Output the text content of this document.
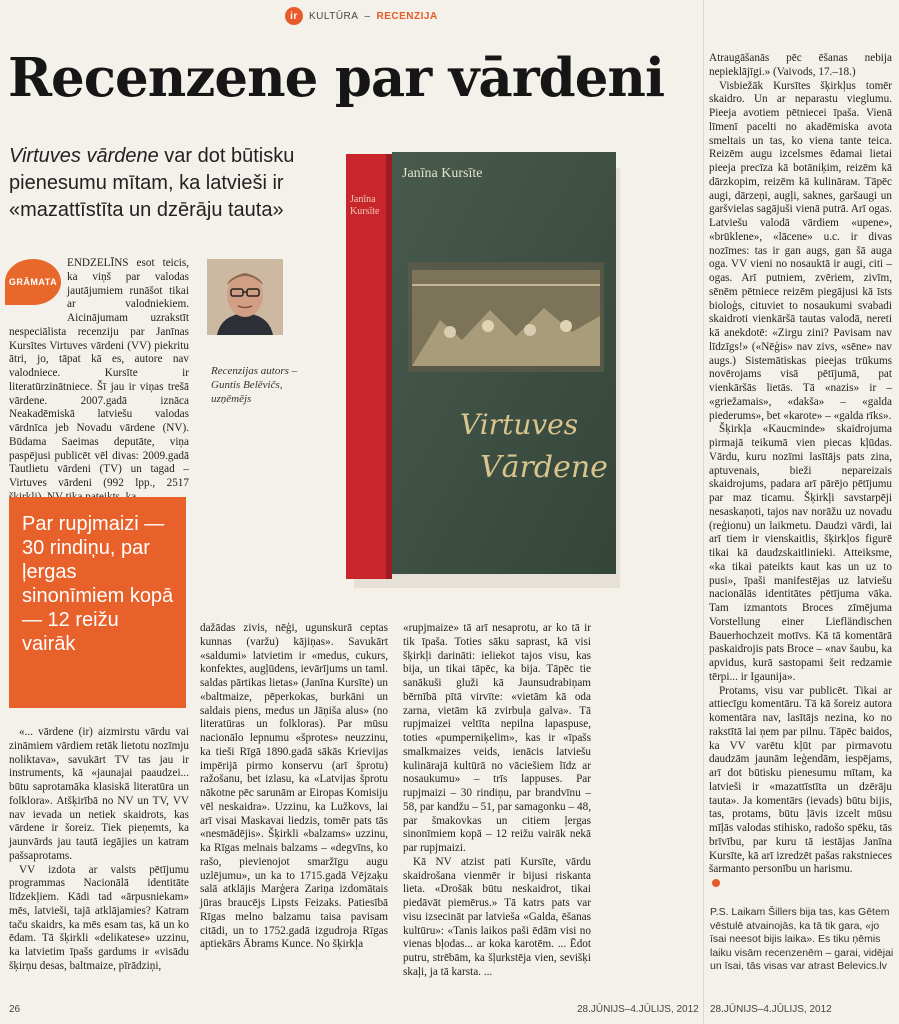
ir	KULTŪRA – RECENZIJA
Recenzene par vārdeni
Virtuves vārdene var dot būtisku pienesumu mītam, ka latvieši ir «mazattīstīta un dzērāju tauta»
GRĀMATA

ENDZELĪNS esot teicis, ka viņš par valodas jautājumiem runāšot tikai ar valodniekiem. Aicinājumam uzrakstīt nespeciālista recenziju par Janīnas Kursītes Virtuves vārdeni (VV) piekritu ātri, jo, tāpat kā es, autore nav valodniece. Kursīte ir literatūrzinātniece. Šī jau ir viņas trešā vārdene. 2007.gadā iznāca Neakadēmiskā latviešu valodas vārdnīca jeb Novadu vārdene (NV). Būdama Saeimas deputāte, viņa paspējusi publicēt vēl divas: 2009.gadā Tautlietu vārdeni (TV) un tagad –Virtuves vārdeni (992 lpp., 2517

Recenzijas autors –
Guntis Belēvičs, uzņēmējs
Par rupjmaizi — 30 rindiņu, par ļergas sinonīmiem kopā — 12 reižu vairāk
Janīna Kursīte
Janīna Kursīte
Virtuves
Vārdene

«... vārdene (ir) aizmirstu vārdu vai zināmiem vārdiem retāk lietotu nozīmju noliktava», savukārt TV tas jau ir instruments, kā «jaunajai paaudzei... būtu saprotamāka klasiskā literatūra un folklora». Atšķirībā no NV un TV, VV nav ievada un netiek skaidrots, kas vārdene ir šoreiz. Tiek pieņemts, ka jaunvārds jau tautā iegājies un katram pašsaprotams.

VV izdota ar valsts pētījumu programmas Nacionālā identitāte līdzekļiem. Kādi tad «ārpusniekam» mēs, latvieši, tajā atklājamies? Katram taču skaidrs, ka mēs esam tas, kā un ko ēdam. Tā šķirkli «delikatese» uzzinu, ka latvietim īpašs gardums ir «visādu šķirņu desas, baltmaize, pīrādziņi,

dažādas zivis, nēģi, ugunskurā ceptas kunnas (varžu) kājiņas». Savukārt «saldumi» latvietim ir «medus, cukurs, konfektes, augļūdens, ievārījums un taml. saldas pārtikas lietas» (Janīna Kursīte) un «baltmaize, pēperkokas, burkāni un saldais piens, medus un Jāņiša alus» (no literatūras un folkloras). Par mūsu nacionālo lepnumu «šprotes» neuzzinu, ka tieši Rīgā 1890.gadā sākās Krievijas impērijā pirmo konservu (arī šprotu) ražošanu, bet izlasu, ka «Latvijas šprotu nākotne pēc sarunām ar Eiropas Komisiju vēl neskaidra». Uzzinu, ka Lužkovs, lai arī visai Maskavai liedzis, tomēr pats tās «nesmādējis». Šķirkli «balzams» uzzinu, ka Rīgas melnais balzams – «degvīns, ko rašo, pievienojot smaržīgu augu uzlējumu», un ka to 1715.gadā Vējzaķu salā atklājis Marģera Zariņa izdomātais jūras braucējs Lipsts Feizaks. Patiesībā Rīgas melno balzamu taisa pavisam citādi, un to 1752.gadā izgudroja Rīgas aptiekārs Ābrams Kunce. No šķirkļa

«rupjmaize» tā arī nesaprotu, ar ko tā ir tik īpaša. Toties sāku saprast, kā visi šķirkļi darināti: ieliekot tajos visu, kas bija, un tikai tāpēc, ka bija. Tāpēc tie sanākuši gluži kā Jaunsudrabiņam bērnībā pītā virvīte: «vietām kā oda zarna, vietām kā zvirbuļa galva». Tā rupjmaizei veltīta nepilna lapaspuse, toties «pumperniķelim», kas ir «īpašs smalkmaizes veids, ienācis latviešu kulinārajā kultūrā no vāciešiem līdz ar nosaukumu» – trīs lappuses. Par rupjmaizi – 30 rindiņu, par brandvīnu – 58, par kandžu – 51, par samagonku – 48, par šmakovkas un citiem ļergas sinonīmiem kopā – 12 reižu vairāk nekā par rupjmaizi.

Kā NV atzist pati Kursīte, vārdu skaidrošana vienmēr ir bijusi riskanta lieta. «Drošāk būtu neskaidrot, tikai piedāvāt piemērus.» Tā katrs pats var visu izsecināt par latvieša «Galda, ēšanas kultūru»: «Tanis laikos paši ēdām visi no vienas bļodas... ar koka karotēm. ... Ēdot putru, strēbām, ka šļurkstēja vien, sevišķi skaļi, ja tā karsta. ...

Atraugāšanās pēc ēšanas nebija nepieklājīgi.» (Vaivods, 17.–18.)

Visbiežāk Kursītes šķirkļus tomēr skaidro. Un ar neparastu vieglumu. Pieeja avotiem pētniecei īpaša. Vienā līmenī pacelti no akadēmiska avota smeltais un tas, ko viena tante teica. Reizēm augu izcelsmes ēdamai lietai pieeja precīza kā botāniķim, reizēm kā dārzkopim, reizēm kā kulinārам. Tāpēc augi, dārzeņi, augļi, saknes, garšaugi un garšvielas sagājuši vienā putrā. Arī ogas. Latviešu valodā vārdiem «upene», «brūklene», «lācene» u.c. ir divas nozīmes: tas ir gan augs, gan šā auga oga. VV vieni no nosauktā ir augi, citi – ogas. Arī putniem, zvēriem, zivīm, sēnēm pētniece reizēm piegājusi kā īsts bioloģs, cituviet to nosaukumi svabadi skaidroti vienkāršā tautas valodā, nereti kā anekdotē: «Zirgu zini? Pavisam nav līdzīgs!» («Nēģis» nav zivs, «sēne» nav augs.) Sistemātiskas pieejas trūkums novērojams visā pētījumā, pat vienkāršās lietās. Tā «nazis» ir – «griežamais», «dakša» – «galda piederums», bet «karote» – «galda rīks».

Šķirkļa «Kaucminde» skaidrojuma pirmajā teikumā vien piecas kļūdas. Vārdu, kuru nozīmi lasītājs pats zina, aptuvenais, bieži nepareizais skaidrojums, padara arī pārējo pētījumu par maz ticamu. Šķirkļi savstarpēji nesaskaņoti, tajos nav norāžu uz novadu (reģionu) un laikmetu. Daudzi vārdi, lai arī tiem ir vienskaitlis, šķirkļos figurē tikai kā daudzskaitlinieki. Atteiksme, «ka tikai pateikts kaut kas un uz to pusi», īpaši manifestējas uz latviešu nacionālās identitātes pētījuma vāka. Tam izmantots Broces zīmējuma Vorstellung einer Liefländischen Bauerhochzeit motīvs. Kā tā komentārā paskaidrojis pats Broce – «nav šaubu, ka apvidus, kurā sastopami šeit redzamie tērpi... ir Igaunija».

Protams, visu var publicēt. Tikai ar attiecīgu komentāru. Tā kā šoreiz autora komentāra nav, lasītājs nezina, ko no rakstītā lai ņem par pilnu. Tāpēc baidos, ka VV varētu kļūt par pirmavotu daudzām jaunām leģendām, iespējams, arī dot būtisku pienesumu mītam, ka latvieši ir «mazattīstīta un dzērāju tauta». Ja komentārs (ievads) būtu bijis, tas, protams, būtu ļāvis izcelt mūsu mīļās valodas stihisko, radošo spēku, tās brīvību, par kuru tā iestājas Janīna Kursīte, kā arī izredzēt pašas rakstnieces šarmanto personību un harismu.

P.S. Laikam Šillers bija tas, kas Gētem vēstulē atvainojās, ka tā tik gara, «jo īsai neesot bijis laika». Es tiku ņēmis laiku visām recenzenēm – garai, vidējai un īsai, tās visas var atrast Belevics.lv
26	28.JŪNIJS–4.JŪLIJS, 2012 28.JŪNIJS–4.JŪLIJS, 2012
